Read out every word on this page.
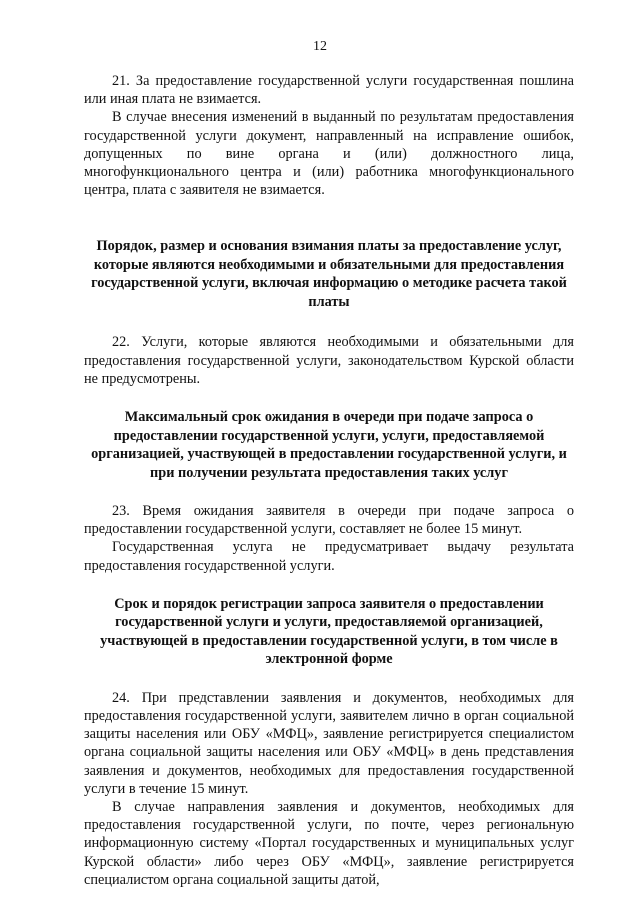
12

21. За предоставление государственной услуги государственная пошлина или иная плата не взимается.

В случае внесения изменений в выданный по результатам предоставления государственной услуги документ, направленный на исправление ошибок, допущенных по вине органа и (или) должностного лица, многофункционального центра и (или) работника многофункционального центра, плата с заявителя не взимается.

Порядок, размер и основания взимания платы за предоставление услуг, которые являются необходимыми и обязательными для предоставления государственной услуги, включая информацию о методике расчета такой платы

22. Услуги, которые являются необходимыми и обязательными для предоставления государственной услуги, законодательством Курской области не предусмотрены.

Максимальный срок ожидания в очереди при подаче запроса о предоставлении государственной услуги, услуги, предоставляемой организацией, участвующей в предоставлении государственной услуги, и при получении результата предоставления таких услуг

23. Время ожидания заявителя в очереди при подаче запроса о предоставлении государственной услуги, составляет не более 15 минут.

Государственная услуга не предусматривает выдачу результата предоставления государственной услуги.

Срок и порядок регистрации запроса заявителя о предоставлении государственной услуги и услуги, предоставляемой организацией, участвующей в предоставлении государственной услуги, в том числе в электронной форме

24. При представлении заявления и документов, необходимых для предоставления государственной услуги, заявителем лично в орган социальной защиты населения или ОБУ «МФЦ», заявление регистрируется специалистом органа социальной защиты населения или ОБУ «МФЦ» в день представления заявления и документов, необходимых для предоставления государственной услуги в течение 15 минут.

В случае направления заявления и документов, необходимых для предоставления государственной услуги, по почте, через региональную информационную систему «Портал государственных и муниципальных услуг Курской области» либо через ОБУ «МФЦ», заявление регистрируется специалистом органа социальной защиты датой,
